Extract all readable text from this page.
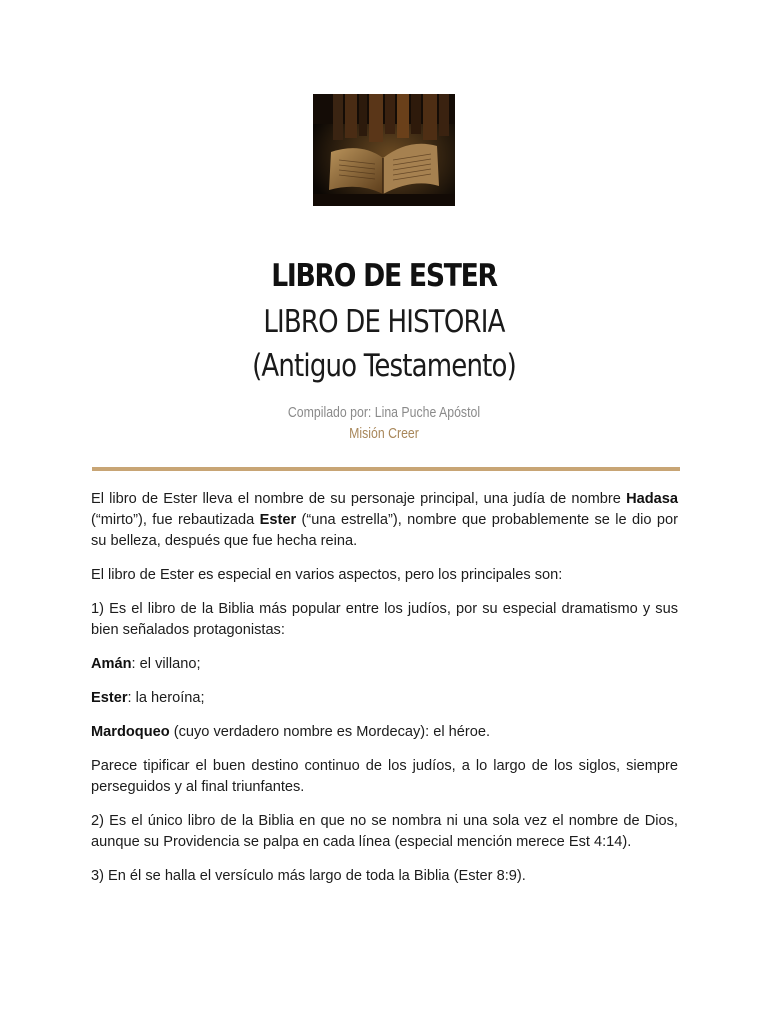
LIBRO DE ESTER
LIBRO DE HISTORIA
(Antiguo Testamento)
Compilado por: Lina Puche Apóstol
Misión Creer

El libro de Ester lleva el nombre de su personaje principal, una judía de nombre Hadasa (“mirto”), fue rebautizada Ester (“una estrella”), nombre que probablemente se le dio por su belleza, después que fue hecha reina.

El libro de Ester es especial en varios aspectos, pero los principales son:

1) Es el libro de la Biblia más popular entre los judíos, por su especial dramatismo y sus bien señalados protagonistas:

Amán: el villano;

Ester: la heroína;

Mardoqueo (cuyo verdadero nombre es Mordecay): el héroe.

Parece tipificar el buen destino continuo de los judíos, a lo largo de los siglos, siempre perseguidos y al final triunfantes.

2) Es el único libro de la Biblia en que no se nombra ni una sola vez el nombre de Dios, aunque su Providencia se palpa en cada línea (especial mención merece Est 4:14).

3) En él se halla el versículo más largo de toda la Biblia (Ester 8:9).
